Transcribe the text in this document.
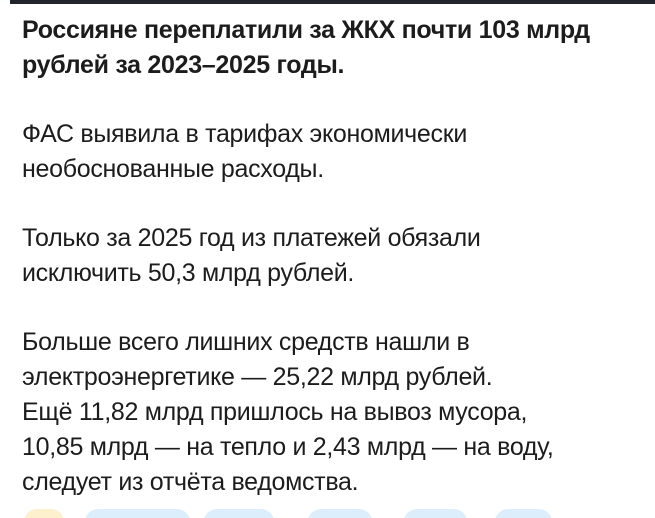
Россияне переплатили за ЖКХ почти 103 млрд
рублей за 2023–2025 годы.

ФАС выявила в тарифах экономически
необоснованные расходы.

Только за 2025 год из платежей обязали
исключить 50,3 млрд рублей.

Больше всего лишних средств нашли в
электроэнергетике — 25,22 млрд рублей.
Ещё 11,82 млрд пришлось на вывоз мусора,
10,85 млрд — на тепло и 2,43 млрд — на воду,
следует из отчёта ведомства.
